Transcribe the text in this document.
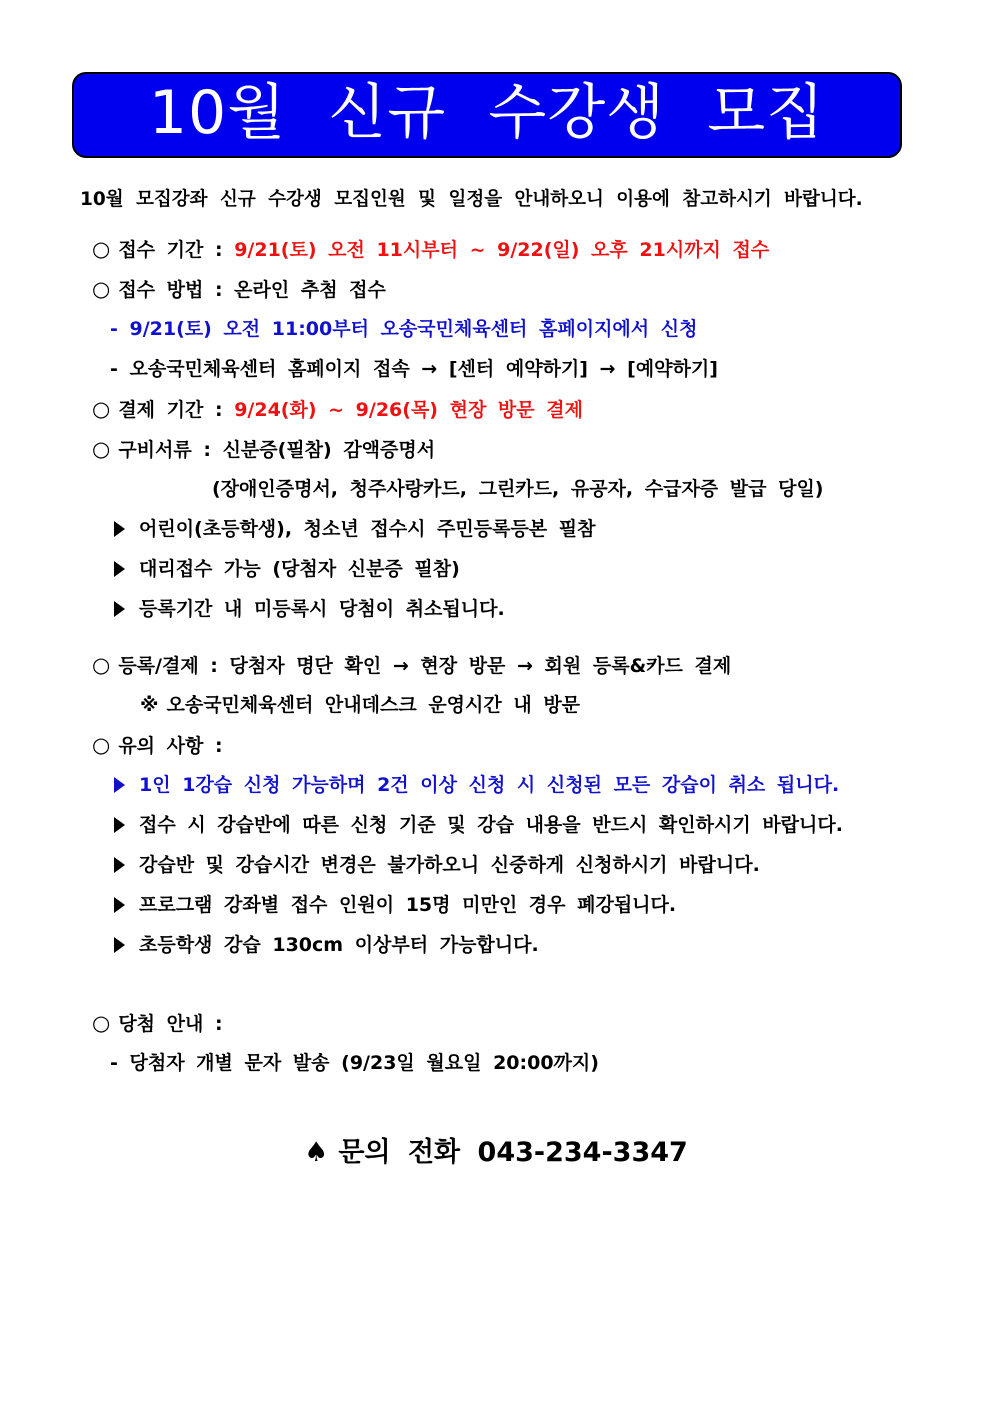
10월 신규 수강생 모집
10월 모집강좌 신규 수강생 모집인원 및 일정을 안내하오니 이용에 참고하시기 바랍니다.
○ 접수 기간 : 9/21(토) 오전 11시부터 ~ 9/22(일) 오후 21시까지 접수
○ 접수 방법 : 온라인 추첨 접수
- 9/21(토) 오전 11:00부터 오송국민체육센터 홈페이지에서 신청
- 오송국민체육센터 홈페이지 접속 → [센터 예약하기] → [예약하기]
○ 결제 기간 : 9/24(화) ~ 9/26(목) 현장 방문 결제
○ 구비서류 : 신분증(필참) 감액증명서
(장애인증명서, 청주사랑카드, 그린카드, 유공자, 수급자증 발급 당일)
어린이(초등학생), 청소년 접수시 주민등록등본 필참
대리접수 가능 (당첨자 신분증 필참)
등록기간 내 미등록시 당첨이 취소됩니다.
○ 등록/결제 : 당첨자 명단 확인 → 현장 방문 → 회원 등록&카드 결제
※ 오송국민체육센터 안내데스크 운영시간 내 방문
○ 유의 사항 :
1인 1강습 신청 가능하며 2건 이상 신청 시 신청된 모든 강습이 취소 됩니다.
접수 시 강습반에 따른 신청 기준 및 강습 내용을 반드시 확인하시기 바랍니다.
강습반 및 강습시간 변경은 불가하오니 신중하게 신청하시기 바랍니다.
프로그램 강좌별 접수 인원이 15명 미만인 경우 폐강됩니다.
초등학생 강습 130cm 이상부터 가능합니다.
○ 당첨 안내 :
- 당첨자 개별 문자 발송 (9/23일 월요일 20:00까지)
♠ 문의 전화 043-234-3347
